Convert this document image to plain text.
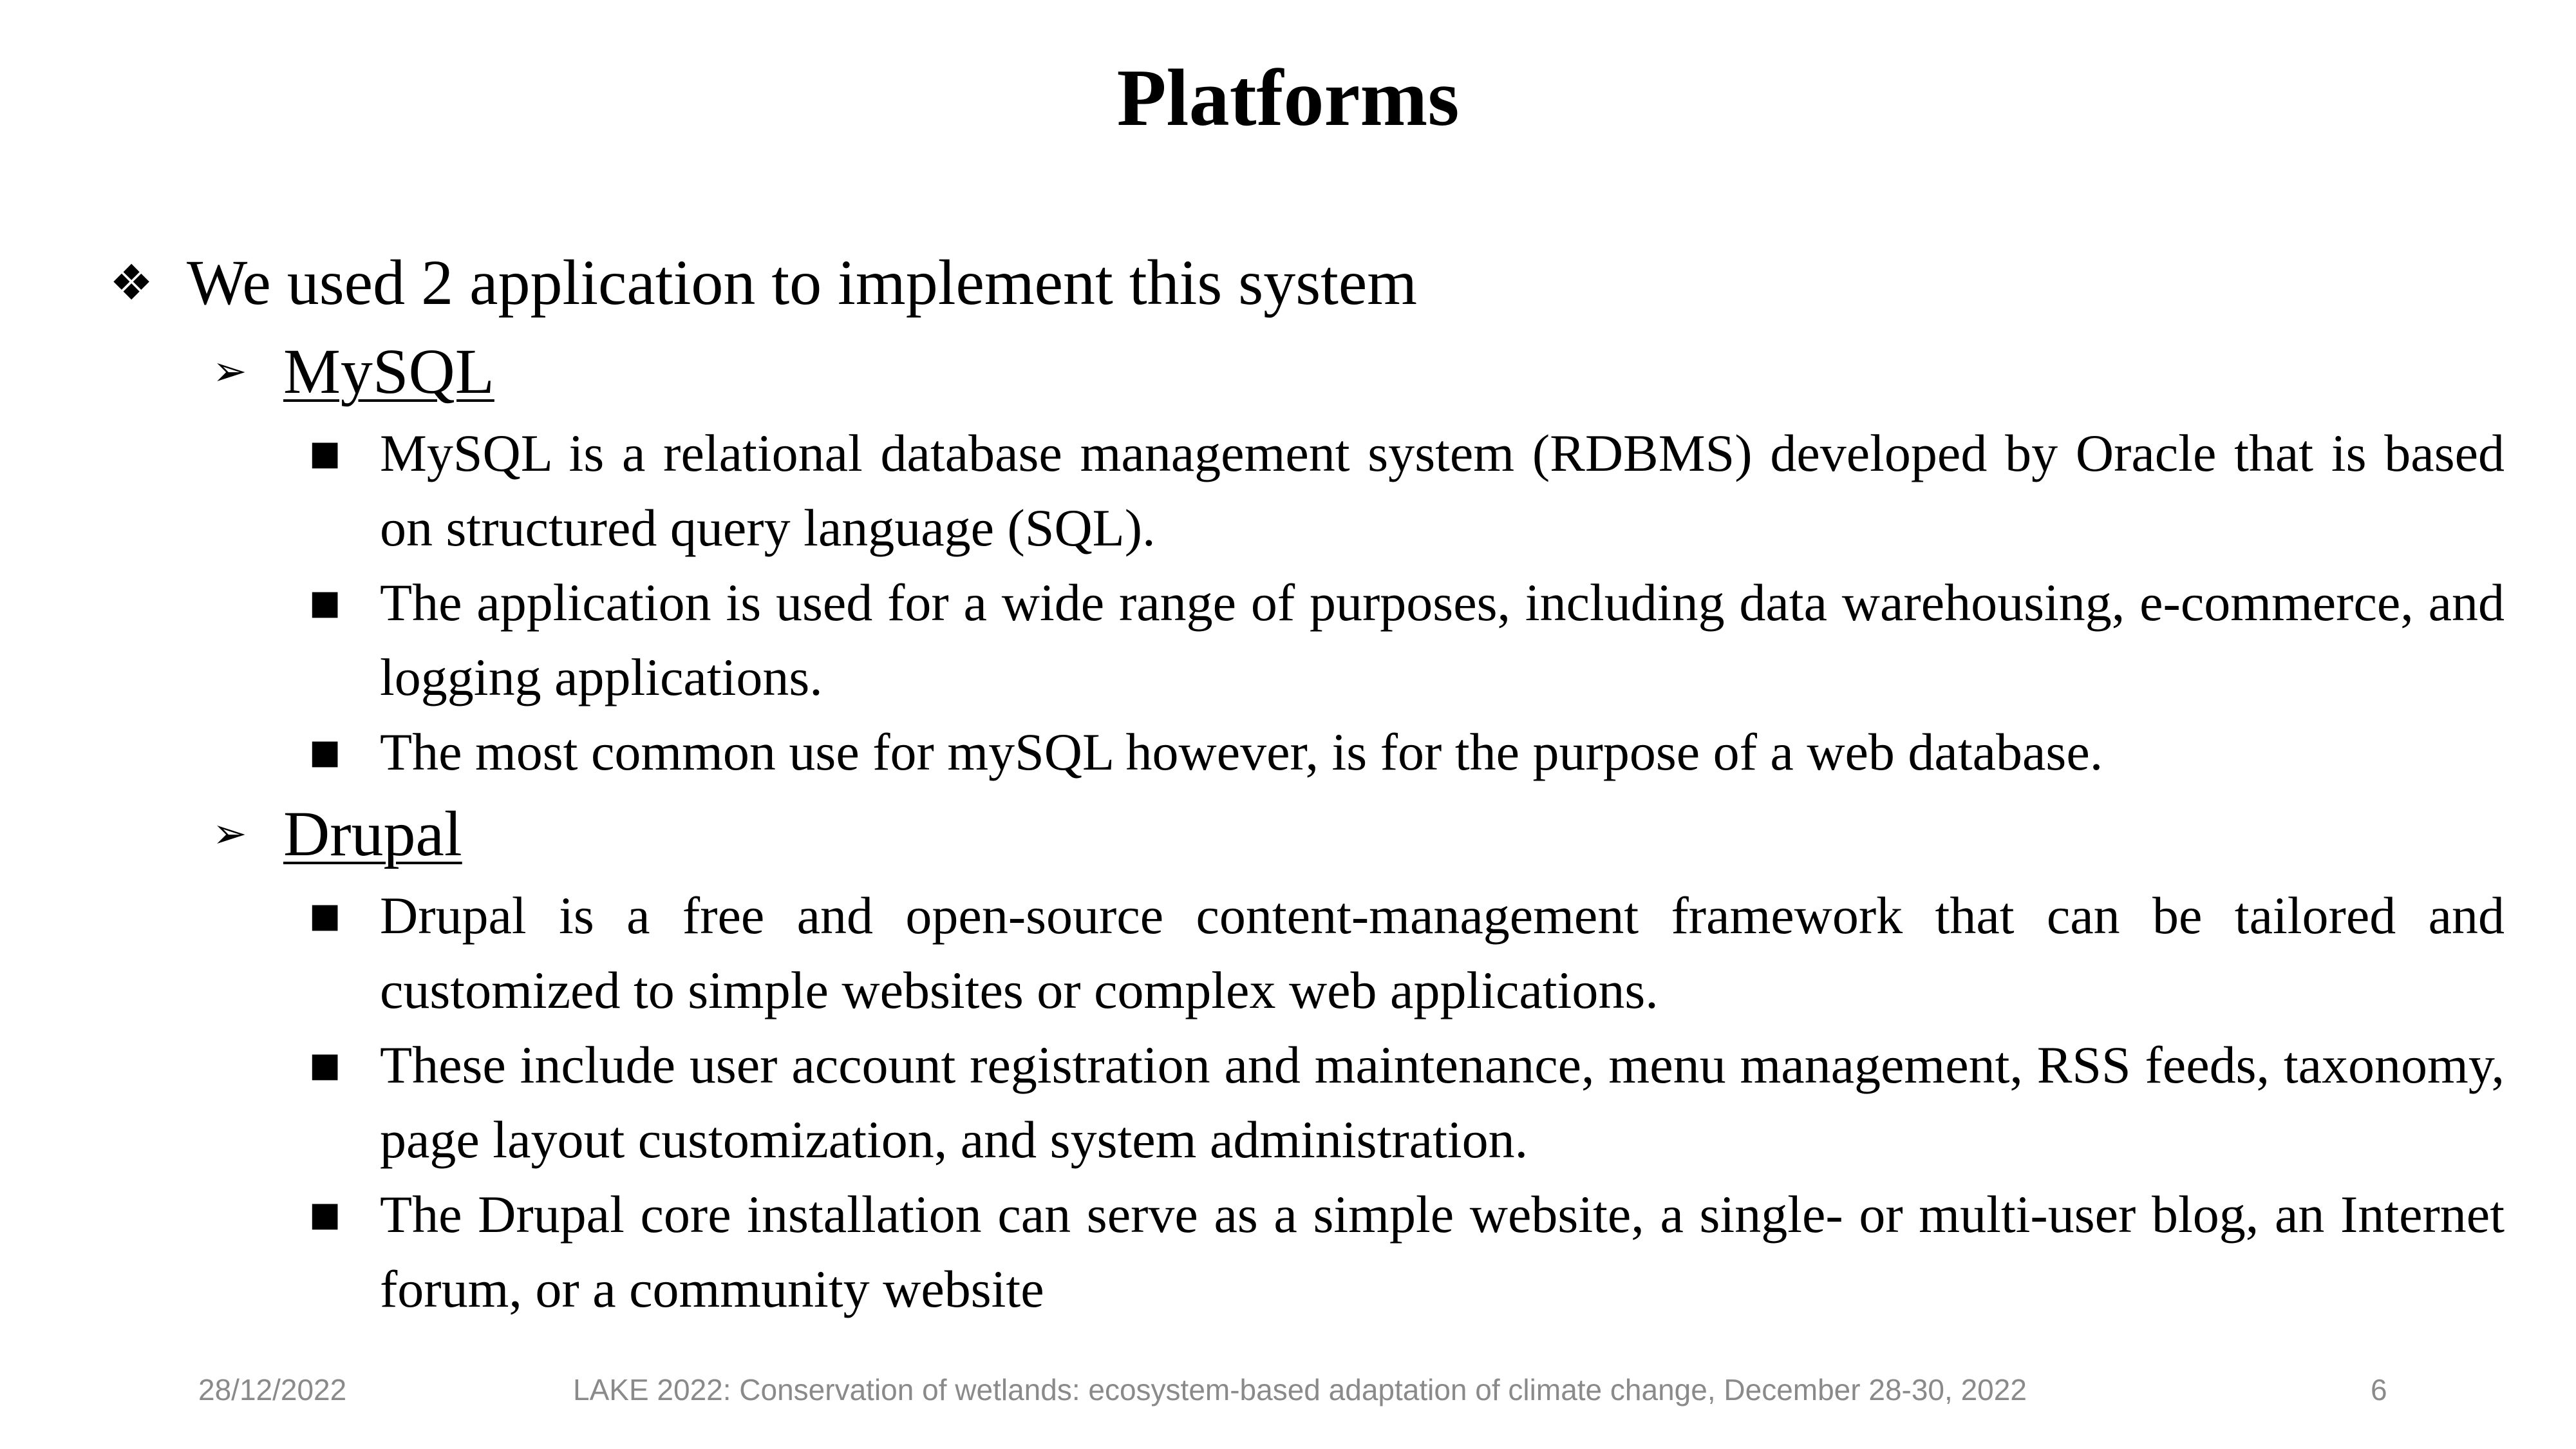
Platforms
❖ We used 2 application to implement this system
➢ MySQL
■ MySQL is a relational database management system (RDBMS) developed by Oracle that is based on structured query language (SQL).
■ The application is used for a wide range of purposes, including data warehousing, e-commerce, and logging applications.
■ The most common use for mySQL however, is for the purpose of a web database.
➢ Drupal
■ Drupal is a free and open-source content-management framework that can be tailored and customized to simple websites or complex web applications.
■ These include user account registration and maintenance, menu management, RSS feeds, taxonomy, page layout customization, and system administration.
■ The Drupal core installation can serve as a simple website, a single- or multi-user blog, an Internet forum, or a community website
28/12/2022	LAKE 2022: Conservation of wetlands: ecosystem-based adaptation of climate change, December 28-30, 2022	6
